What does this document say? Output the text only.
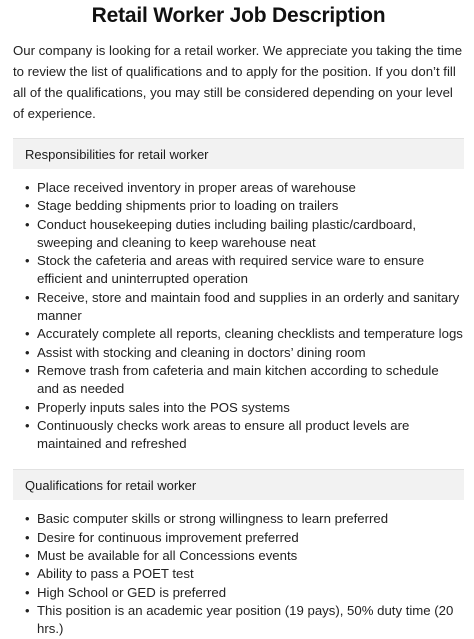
Retail Worker Job Description

Our company is looking for a retail worker. We appreciate you taking the time to review the list of qualifications and to apply for the position. If you don’t fill all of the qualifications, you may still be considered depending on your level of experience.

Responsibilities for retail worker
• Place received inventory in proper areas of warehouse
• Stage bedding shipments prior to loading on trailers
• Conduct housekeeping duties including bailing plastic/cardboard, sweeping and cleaning to keep warehouse neat
• Stock the cafeteria and areas with required service ware to ensure efficient and uninterrupted operation
• Receive, store and maintain food and supplies in an orderly and sanitary manner
• Accurately complete all reports, cleaning checklists and temperature logs
• Assist with stocking and cleaning in doctors’ dining room
• Remove trash from cafeteria and main kitchen according to schedule and as needed
• Properly inputs sales into the POS systems
• Continuously checks work areas to ensure all product levels are maintained and refreshed
Qualifications for retail worker
• Basic computer skills or strong willingness to learn preferred
• Desire for continuous improvement preferred
• Must be available for all Concessions events
• Ability to pass a POET test
• High School or GED is preferred
• This position is an academic year position (19 pays), 50% duty time (20 hrs.)
